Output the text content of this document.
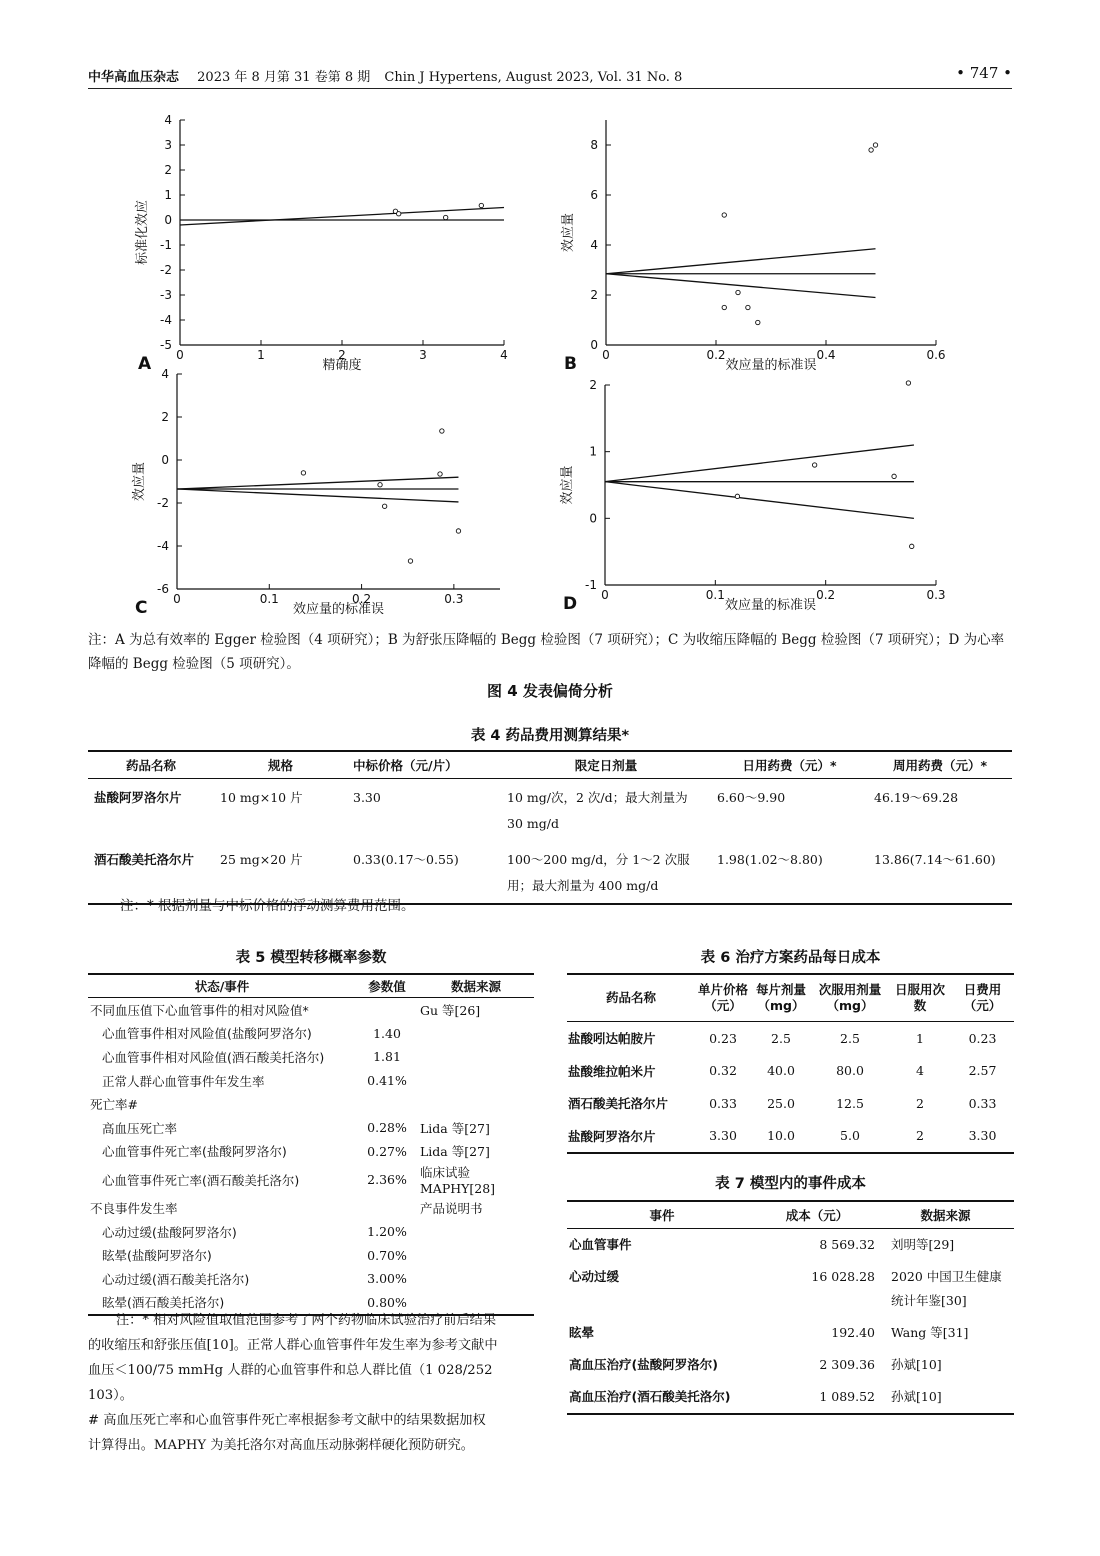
中华高血压杂志 2023 年 8 月第 31 卷第 8 期 Chin J Hypertens, August 2023, Vol. 31 No. 8	• 747 •
0	1	2	3	4
-5
-4
-3
-2
-1
0
1
2
3
4
精确度
标准化效应
A	0	0.2	0.4	0.6
0
2
4
6
8
效应量的标准误
效应量
B
0	0.1	0.2	0.3
-6
-4
-2
0
2
4
效应量的标准误
效应量
C
0	0.1	0.2	0.3
-1
0
1
2
效应量的标准误
效应量
D
注：A 为总有效率的 Egger 检验图（4 项研究）；B 为舒张压降幅的 Begg 检验图（7 项研究）；C 为收缩压降幅的 Begg 检验图（7 项研究）；D 为心率
降幅的 Begg 检验图（5 项研究）。
图 4 发表偏倚分析
表 4 药品费用测算结果*
药品名称	规格	中标价格（元/片）	限定日剂量	日用药费（元）*	周用药费（元）*
盐酸阿罗洛尔片	10 mg×10 片	3.30	10 mg/次，2 次/d；最大剂量为 30 mg/d	6.60～9.90	46.19～69.28
酒石酸美托洛尔片	25 mg×20 片	0.33(0.17～0.55)	100～200 mg/d，分 1～2 次服用；最大剂量为 400 mg/d	1.98(1.02～8.80)	13.86(7.14～61.60)
注：* 根据剂量与中标价格的浮动测算费用范围。
表 5 模型转移概率参数
状态/事件	参数值	数据来源
不同血压值下心血管事件的相对风险值*		Gu 等[26]
心血管事件相对风险值(盐酸阿罗洛尔)	1.40	
心血管事件相对风险值(酒石酸美托洛尔)	1.81	
正常人群心血管事件年发生率	0.41%	
死亡率#		
高血压死亡率	0.28%	Lida 等[27]
心血管事件死亡率(盐酸阿罗洛尔)	0.27%	Lida 等[27]
心血管事件死亡率(酒石酸美托洛尔)	2.36%	临床试验 MAPHY[28]
不良事件发生率		产品说明书
心动过缓(盐酸阿罗洛尔)	1.20%	
眩晕(盐酸阿罗洛尔)	0.70%	
心动过缓(酒石酸美托洛尔)	3.00%	
眩晕(酒石酸美托洛尔)	0.80%	
注：* 相对风险值取值范围参考了两个药物临床试验治疗前后结果
的收缩压和舒张压值[10]。正常人群心血管事件年发生率为参考文献中
血压＜100/75 mmHg 人群的心血管事件和总人群比值（1 028/252 103）。
# 高血压死亡率和心血管事件死亡率根据参考文献中的结果数据加权
计算得出。MAPHY 为美托洛尔对高血压动脉粥样硬化预防研究。
表 6 治疗方案药品每日成本
药品名称	单片价格（元）	每片剂量（mg）	次服用剂量（mg）	日服用次数	日费用（元）
盐酸吲达帕胺片	0.23	2.5	2.5	1	0.23
盐酸维拉帕米片	0.32	40.0	80.0	4	2.57
酒石酸美托洛尔片	0.33	25.0	12.5	2	0.33
盐酸阿罗洛尔片	3.30	10.0	5.0	2	3.30
表 7 模型内的事件成本
事件	成本（元）	数据来源
心血管事件	8 569.32	刘明等[29]
心动过缓	16 028.28	2020 中国卫生健康统计年鉴[30]
眩晕	192.40	Wang 等[31]
高血压治疗(盐酸阿罗洛尔)	2 309.36	孙斌[10]
高血压治疗(酒石酸美托洛尔)	1 089.52	孙斌[10]
